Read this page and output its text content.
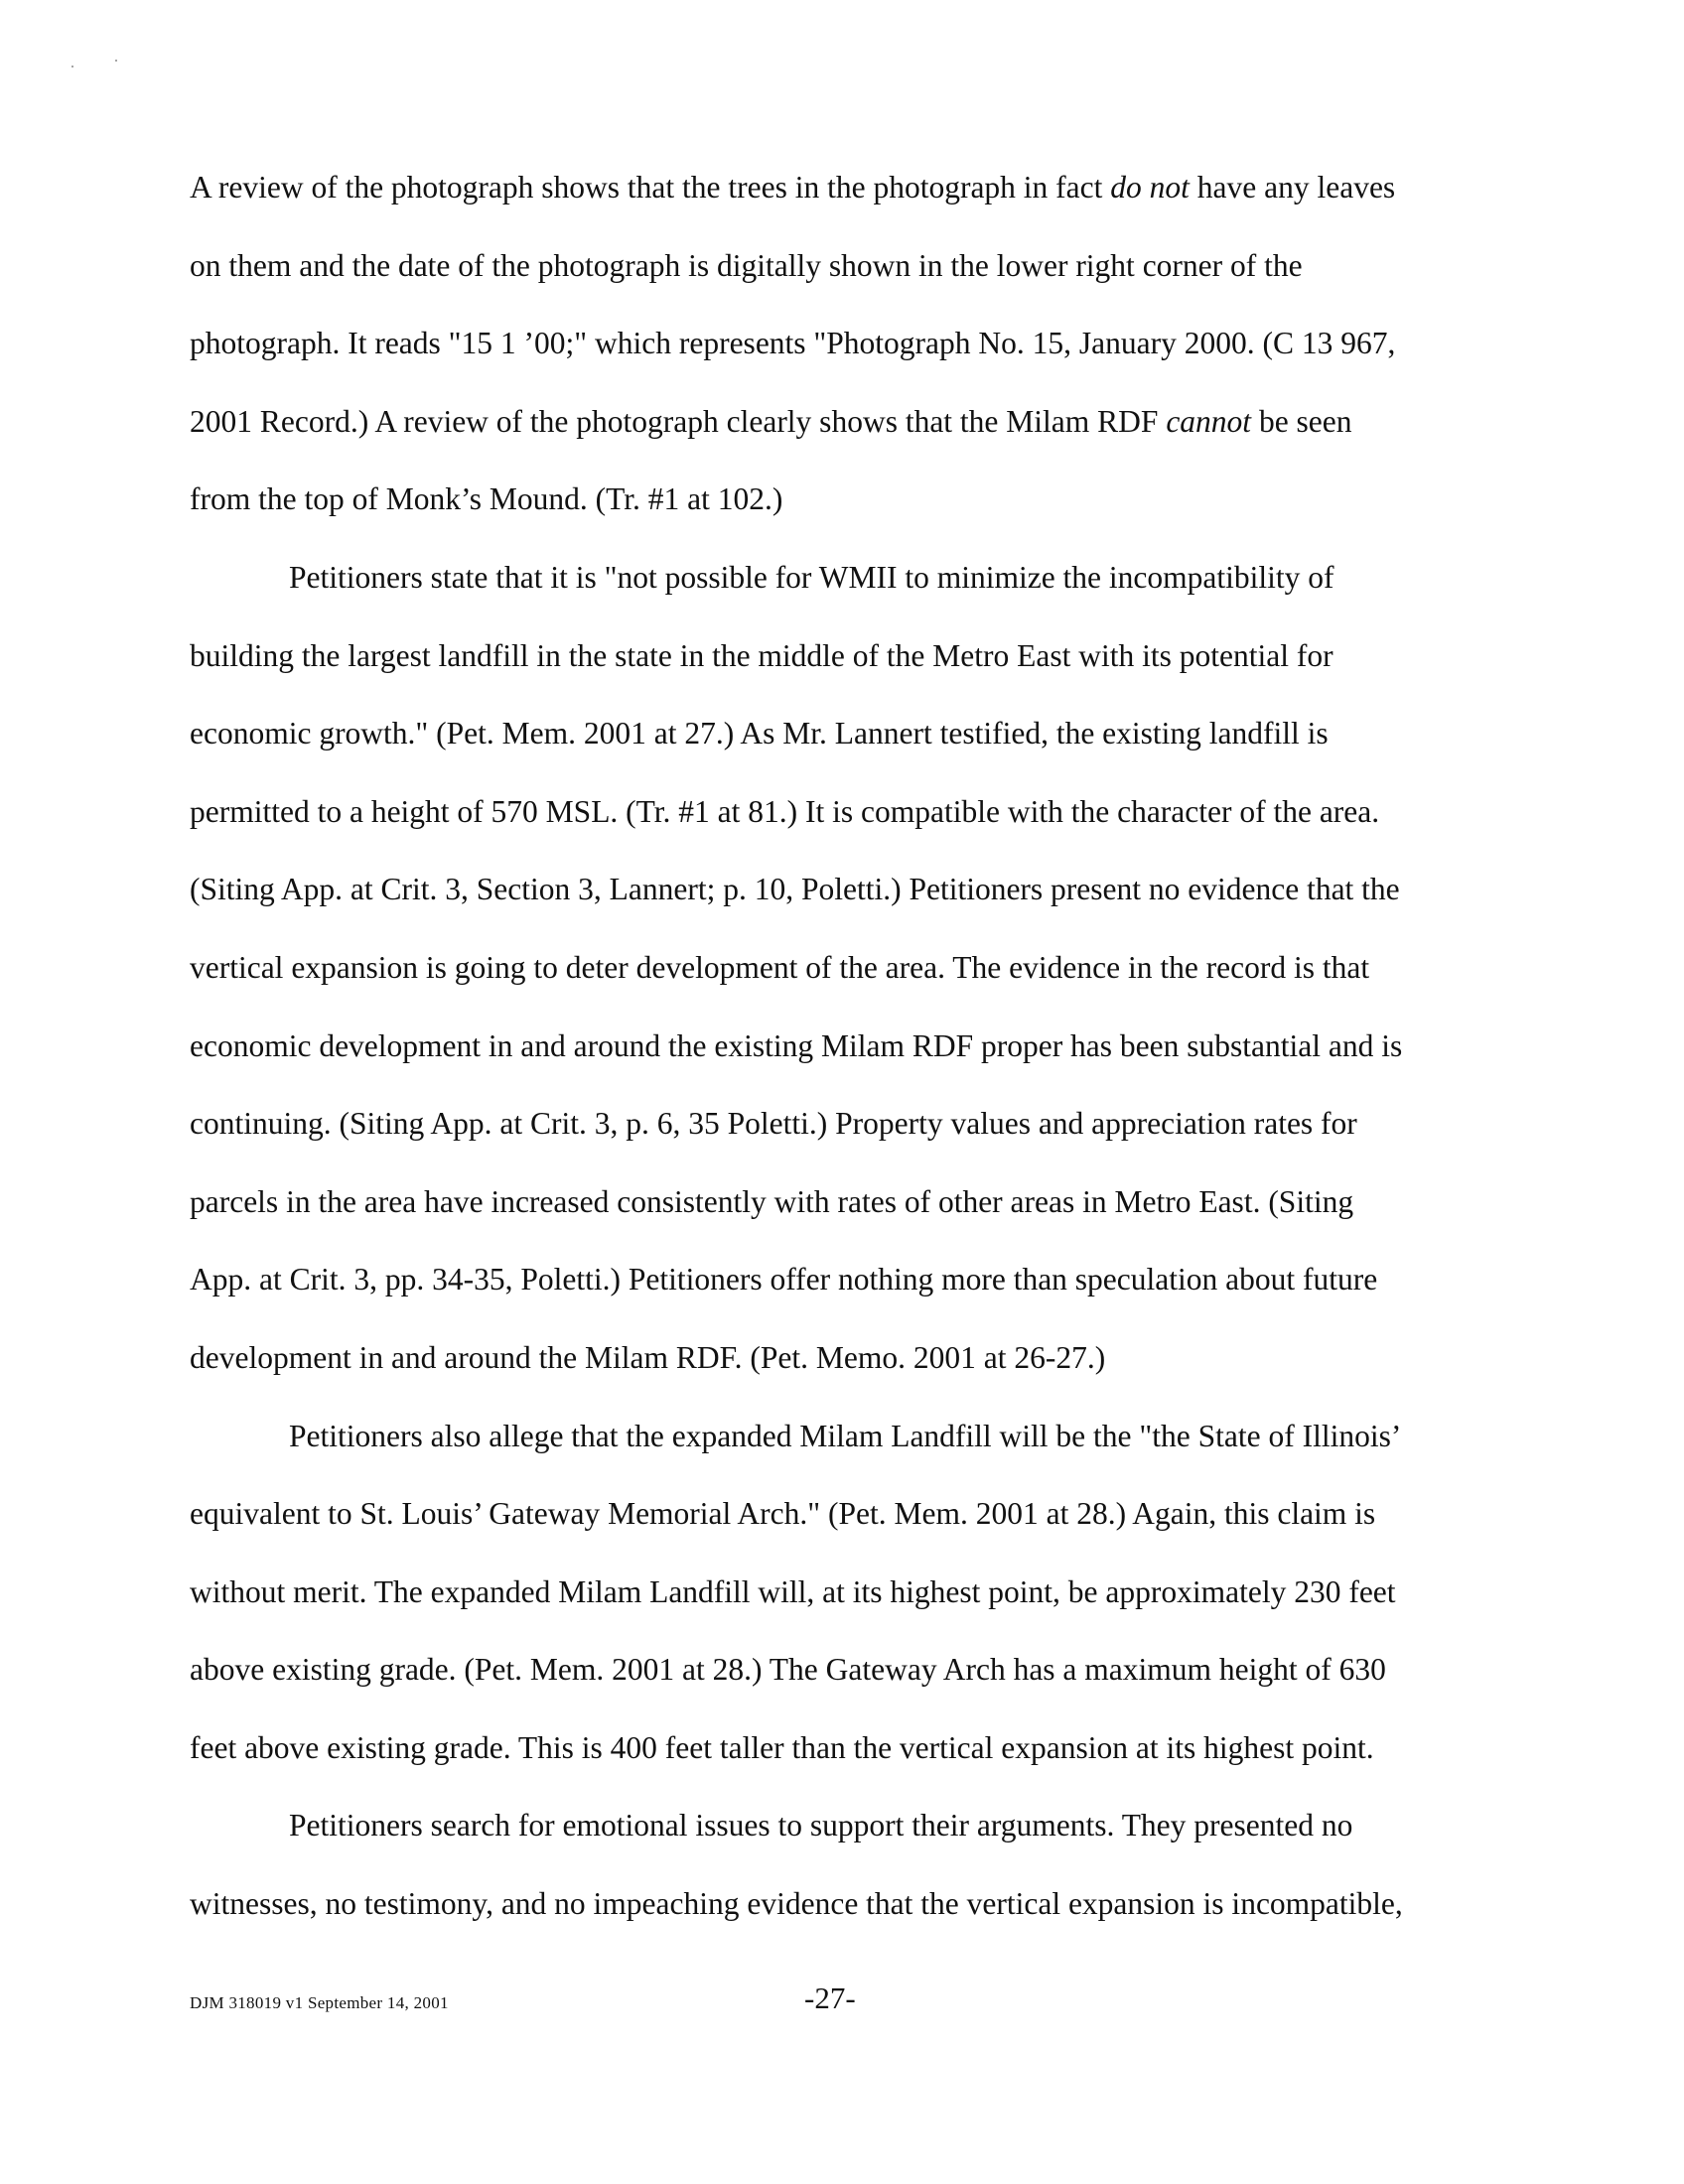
A review of the photograph shows that the trees in the photograph in fact do not have any leaves
on them and the date of the photograph is digitally shown in the lower right corner of the
photograph. It reads "15 1 ’00;" which represents "Photograph No. 15, January 2000. (C 13 967,
2001 Record.) A review of the photograph clearly shows that the Milam RDF cannot be seen
from the top of Monk’s Mound. (Tr. #1 at 102.)
Petitioners state that it is "not possible for WMII to minimize the incompatibility of
building the largest landfill in the state in the middle of the Metro East with its potential for
economic growth." (Pet. Mem. 2001 at 27.) As Mr. Lannert testified, the existing landfill is
permitted to a height of 570 MSL. (Tr. #1 at 81.) It is compatible with the character of the area.
(Siting App. at Crit. 3, Section 3, Lannert; p. 10, Poletti.) Petitioners present no evidence that the
vertical expansion is going to deter development of the area. The evidence in the record is that
economic development in and around the existing Milam RDF proper has been substantial and is
continuing. (Siting App. at Crit. 3, p. 6, 35 Poletti.) Property values and appreciation rates for
parcels in the area have increased consistently with rates of other areas in Metro East. (Siting
App. at Crit. 3, pp. 34-35, Poletti.) Petitioners offer nothing more than speculation about future
development in and around the Milam RDF. (Pet. Memo. 2001 at 26-27.)
Petitioners also allege that the expanded Milam Landfill will be the "the State of Illinois’
equivalent to St. Louis’ Gateway Memorial Arch." (Pet. Mem. 2001 at 28.) Again, this claim is
without merit. The expanded Milam Landfill will, at its highest point, be approximately 230 feet
above existing grade. (Pet. Mem. 2001 at 28.) The Gateway Arch has a maximum height of 630
feet above existing grade. This is 400 feet taller than the vertical expansion at its highest point.
Petitioners search for emotional issues to support their arguments. They presented no
witnesses, no testimony, and no impeaching evidence that the vertical expansion is incompatible,
DJM 318019 v1 September 14, 2001	-27-
